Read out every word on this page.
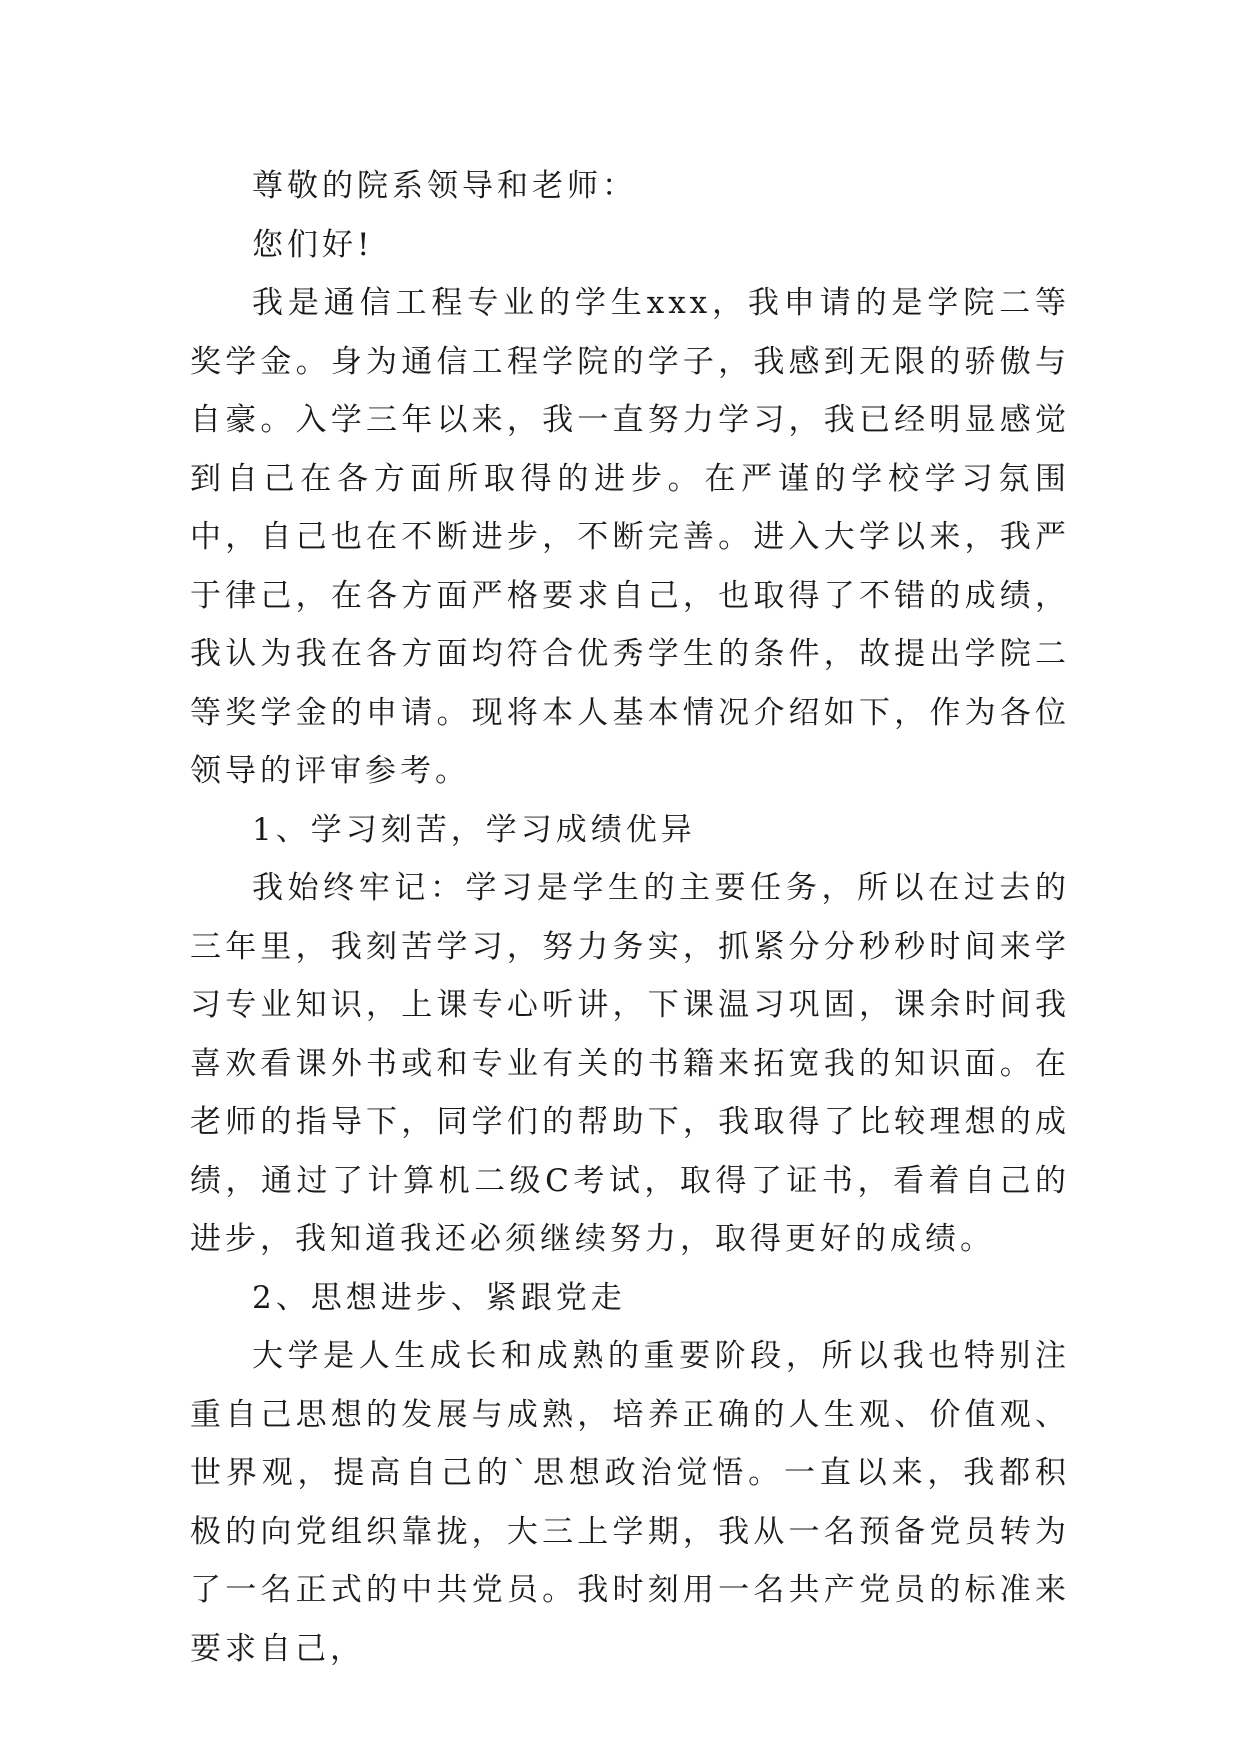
尊敬的院系领导和老师：

您们好!

我是通信工程专业的学生xxx，我申请的是学院二等奖学金。身为通信工程学院的学子，我感到无限的骄傲与自豪。入学三年以来，我一直努力学习，我已经明显感觉到自己在各方面所取得的进步。在严谨的学校学习氛围中，自己也在不断进步，不断完善。进入大学以来，我严于律己，在各方面严格要求自己，也取得了不错的成绩，我认为我在各方面均符合优秀学生的条件，故提出学院二等奖学金的申请。现将本人基本情况介绍如下，作为各位领导的评审参考。

1、学习刻苦，学习成绩优异

我始终牢记：学习是学生的主要任务，所以在过去的三年里，我刻苦学习，努力务实，抓紧分分秒秒时间来学习专业知识，上课专心听讲，下课温习巩固，课余时间我喜欢看课外书或和专业有关的书籍来拓宽我的知识面。在老师的指导下，同学们的帮助下，我取得了比较理想的成绩，通过了计算机二级C考试，取得了证书，看着自己的进步，我知道我还必须继续努力，取得更好的成绩。

2、思想进步、紧跟党走

大学是人生成长和成熟的重要阶段，所以我也特别注重自己思想的发展与成熟，培养正确的人生观、价值观、世界观，提高自己的`思想政治觉悟。一直以来，我都积极的向党组织靠拢，大三上学期，我从一名预备党员转为了一名正式的中共党员。我时刻用一名共产党员的标准来要求自己，
